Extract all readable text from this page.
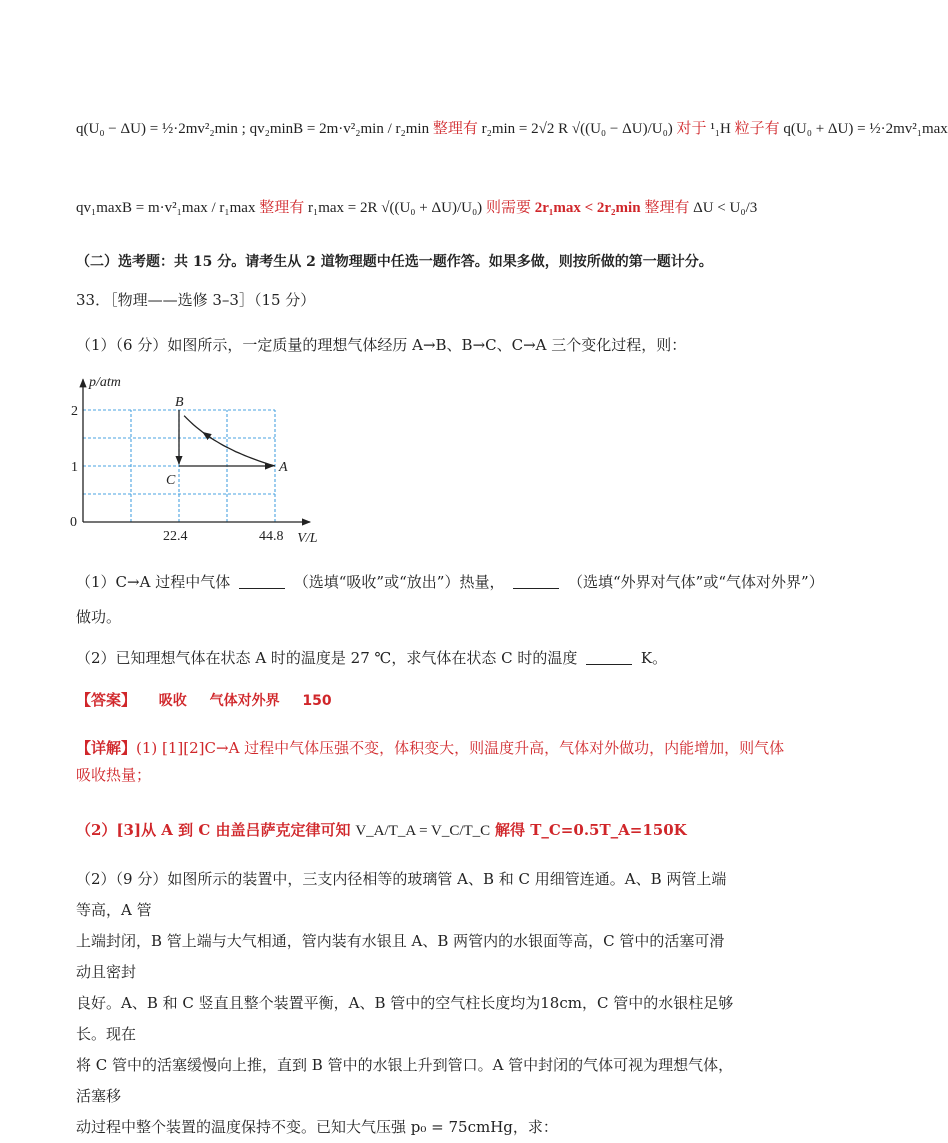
q(U₀ − ΔU) = ½·2mv²₂min ; qv₂minB = 2m·v²₂min / r₂min 整理有 r₂min = 2√2 R √((U₀ − ΔU)/U₀) 对于 ¹₁H 粒子有 q(U₀ + ΔU) = ½·2mv²₁max
qv₁maxB = m·v²₁max / r₁max 整理有 r₁max = 2R √((U₀ + ΔU)/U₀) 则需要 2r₁max < 2r₂min 整理有 ΔU < U₀/3
（二）选考题：共 15 分。请考生从 2 道物理题中任选一题作答。如果多做，则按所做的第一题计分。
33．［物理——选修 3–3］（15 分）
（1）（6 分）如图所示，一定质量的理想气体经历 A→B、B→C、C→A 三个变化过程，则：
A
B
C
2
1
0
22.4	44.8
p/atm
V/L
（1）C→A 过程中气体	（选填“吸收”或“放出”）热量，	（选填“外界对气体”或“气体对外界”）
做功。
（2）已知理想气体在状态 A 时的温度是 27 ℃，求气体在状态 C 时的温度	K。
【答案】 吸收 气体对外界 150
【详解】(1) [1][2]C→A 过程中气体压强不变，体积变大，则温度升高，气体对外做功，内能增加，则气体
吸收热量；
（2）[3]从 A 到 C 由盖吕萨克定律可知 V_A/T_A = V_C/T_C 解得 T_C=0.5T_A=150K
（2）（9 分）如图所示的装置中，三支内径相等的玻璃管 A、B 和 C 用细管连通。A、B 两管上端等高，A 管
上端封闭，B 管上端与大气相通，管内装有水银且 A、B 两管内的水银面等高，C 管中的活塞可滑动且密封
良好。A、B 和 C 竖直且整个装置平衡，A、B 管中的空气柱长度均为18cm，C 管中的水银柱足够长。现在
将 C 管中的活塞缓慢向上推，直到 B 管中的水银上升到管口。A 管中封闭的气体可视为理想气体，活塞移
动过程中整个装置的温度保持不变。已知大气压强 p₀ = 75cmHg，求：
